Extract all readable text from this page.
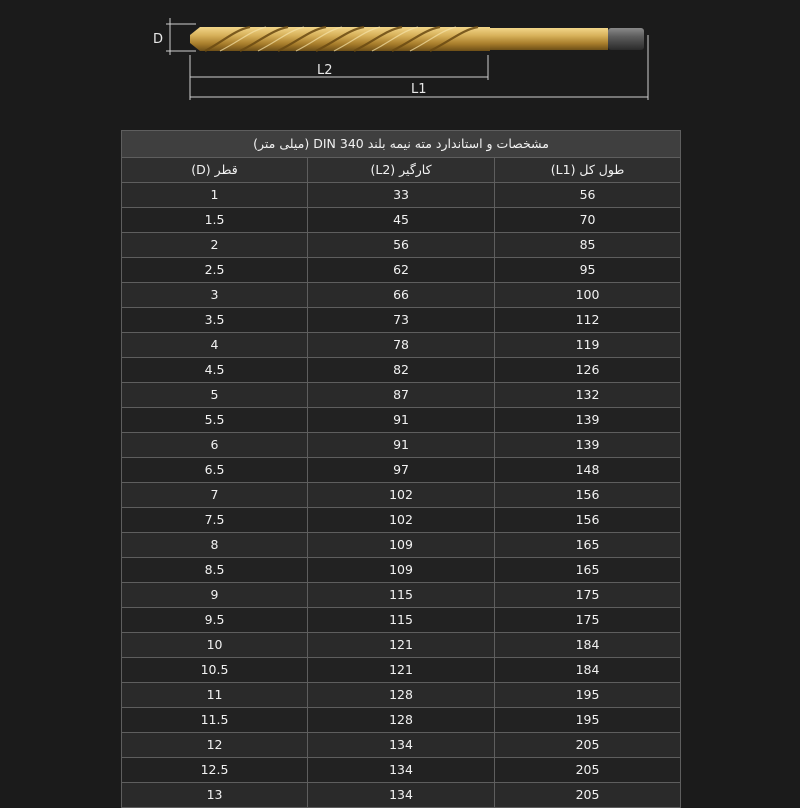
D
L2
L1
مشخصات و استاندارد مته نیمه بلند DIN 340 (میلی متر)		
طول کل (L1)	کارگیر (L2)	قطر (D)
56	33	1
70	45	1.5
85	56	2
95	62	2.5
100	66	3
112	73	3.5
119	78	4
126	82	4.5
132	87	5
139	91	5.5
139	91	6
148	97	6.5
156	102	7
156	102	7.5
165	109	8
165	109	8.5
175	115	9
175	115	9.5
184	121	10
184	121	10.5
195	128	11
195	128	11.5
205	134	12
205	134	12.5
205	134	13
